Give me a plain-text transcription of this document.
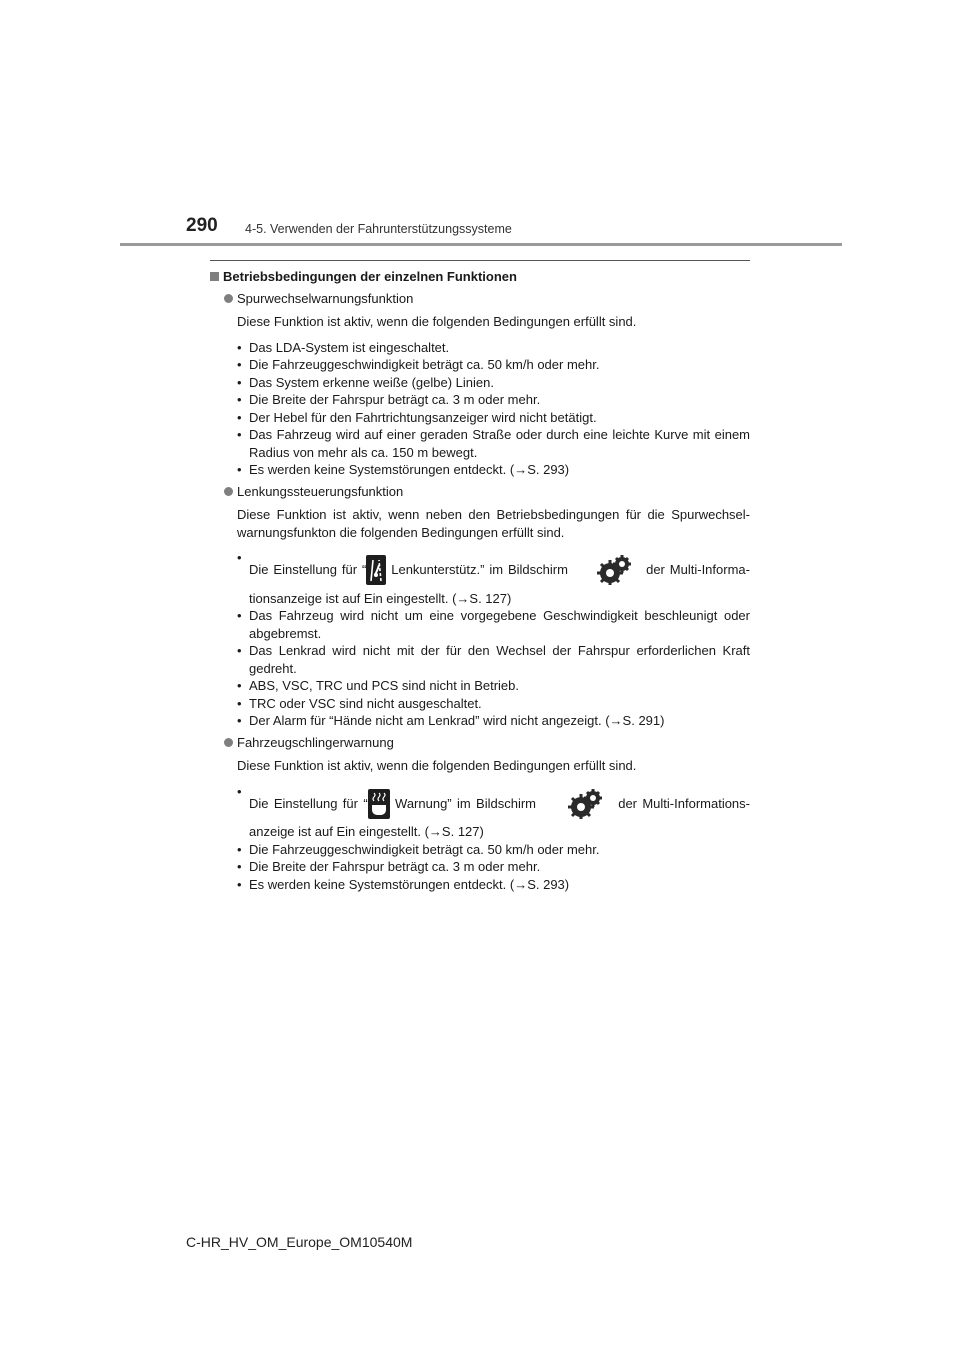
290 4-5. Verwenden der Fahrunterstützungssysteme
Betriebsbedingungen der einzelnen Funktionen
Spurwechselwarnungsfunktion
Diese Funktion ist aktiv, wenn die folgenden Bedingungen erfüllt sind.
• Das LDA-System ist eingeschaltet.
• Die Fahrzeuggeschwindigkeit beträgt ca. 50 km/h oder mehr.
• Das System erkenne weiße (gelbe) Linien.
• Die Breite der Fahrspur beträgt ca. 3 m oder mehr.
• Der Hebel für den Fahrtrichtungsanzeiger wird nicht betätigt.
• Das Fahrzeug wird auf einer geraden Straße oder durch eine leichte Kurve mit einem Radius von mehr als ca. 150 m bewegt.
• Es werden keine Systemstörungen entdeckt. (→S. 293)
Lenkungssteuerungsfunktion
Diese Funktion ist aktiv, wenn neben den Betriebsbedingungen für die Spurwechsel-warnungsfunkton die folgenden Bedingungen erfüllt sind.
• Die Einstellung für “ Lenkunterstütz.” im Bildschirm	der Multi-Informa-tionsanzeige ist auf Ein eingestellt. (→S. 127)
• Das Fahrzeug wird nicht um eine vorgegebene Geschwindigkeit beschleunigt oder abgebremst.
• Das Lenkrad wird nicht mit der für den Wechsel der Fahrspur erforderlichen Kraft gedreht.
• ABS, VSC, TRC und PCS sind nicht in Betrieb.
• TRC oder VSC sind nicht ausgeschaltet.
• Der Alarm für “Hände nicht am Lenkrad” wird nicht angezeigt. (→S. 291)
Fahrzeugschlingerwarnung
Diese Funktion ist aktiv, wenn die folgenden Bedingungen erfüllt sind.
• Die Einstellung für “ Warnung” im Bildschirm	der Multi-Informations-anzeige ist auf Ein eingestellt. (→S. 127)
• Die Fahrzeuggeschwindigkeit beträgt ca. 50 km/h oder mehr.
• Die Breite der Fahrspur beträgt ca. 3 m oder mehr.
• Es werden keine Systemstörungen entdeckt. (→S. 293)
C-HR_HV_OM_Europe_OM10540M
